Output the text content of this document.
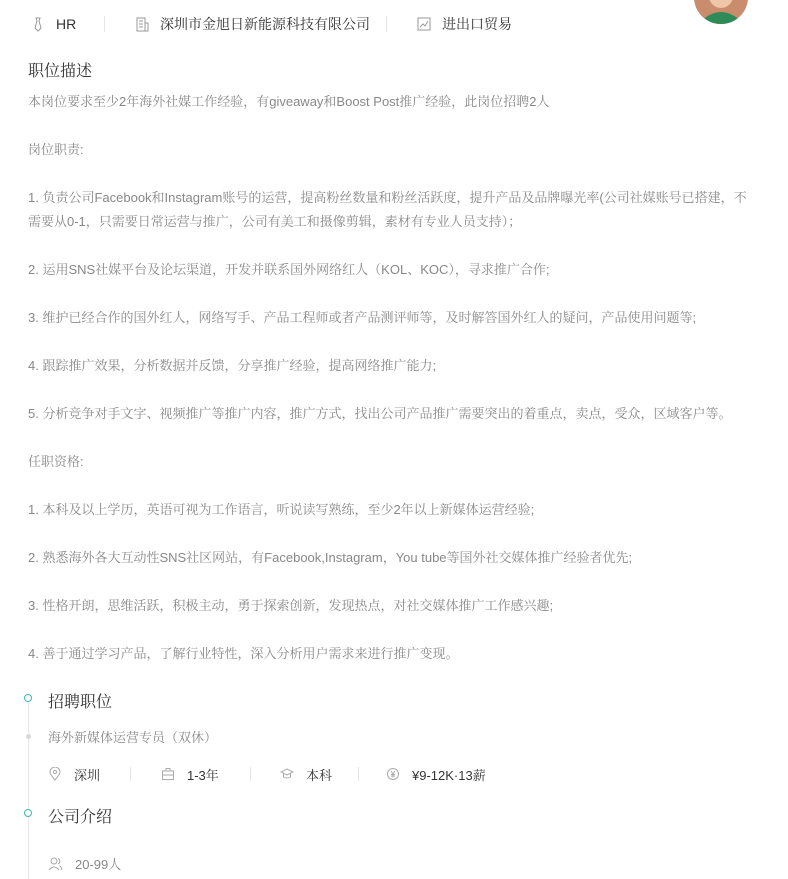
HR	深圳市金旭日新能源科技有限公司	进出口贸易
职位描述

本岗位要求至少2年海外社媒工作经验，有giveaway和Boost Post推广经验，此岗位招聘2人

岗位职责:

1. 负责公司Facebook和Instagram账号的运营，提高粉丝数量和粉丝活跃度，提升产品及品牌曝光率(公司社媒账号已搭建，不需要从0-1，只需要日常运营与推广，公司有美工和摄像剪辑，素材有专业人员支持）；

2. 运用SNS社媒平台及论坛渠道，开发并联系国外网络红人（KOL、KOC），寻求推广合作;

3. 维护已经合作的国外红人，网络写手、产品工程师或者产品测评师等，及时解答国外红人的疑问，产品使用问题等;

4. 跟踪推广效果，分析数据并反馈，分享推广经验，提高网络推广能力;

5. 分析竞争对手文字、视频推广等推广内容，推广方式，找出公司产品推广需要突出的着重点，卖点，受众，区域客户等。

任职资格:

1. 本科及以上学历，英语可视为工作语言，听说读写熟练，至少2年以上新媒体运营经验;

2. 熟悉海外各大互动性SNS社区网站，有Facebook,Instagram，You tube等国外社交媒体推广经验者优先;

3. 性格开朗，思维活跃，积极主动，勇于探索创新，发现热点，对社交媒体推广工作感兴趣;

4. 善于通过学习产品，了解行业特性，深入分析用户需求来进行推广变现。

招聘职位
海外新媒体运营专员（双休）
深圳	1-3年	本科	¥9-12K·13薪
公司介绍
20-99人
